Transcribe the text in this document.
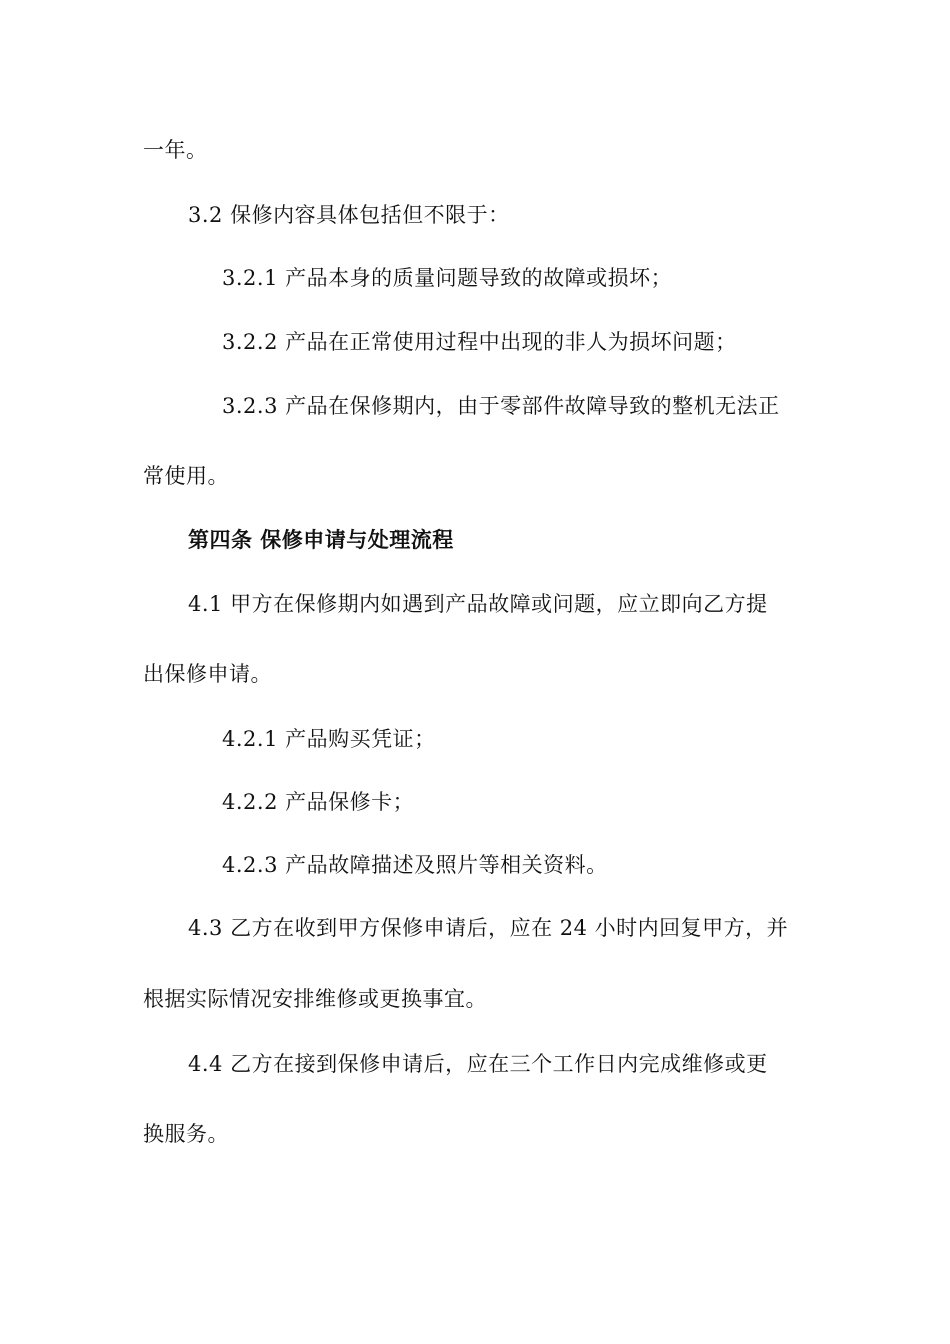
一年。
3.2 保修内容具体包括但不限于：
3.2.1 产品本身的质量问题导致的故障或损坏；
3.2.2 产品在正常使用过程中出现的非人为损坏问题；
3.2.3 产品在保修期内，由于零部件故障导致的整机无法正
常使用。
第四条 保修申请与处理流程
4.1 甲方在保修期内如遇到产品故障或问题，应立即向乙方提
出保修申请。
4.2.1 产品购买凭证；
4.2.2 产品保修卡；
4.2.3 产品故障描述及照片等相关资料。
4.3 乙方在收到甲方保修申请后，应在 24 小时内回复甲方，并
根据实际情况安排维修或更换事宜。
4.4 乙方在接到保修申请后，应在三个工作日内完成维修或更
换服务。
